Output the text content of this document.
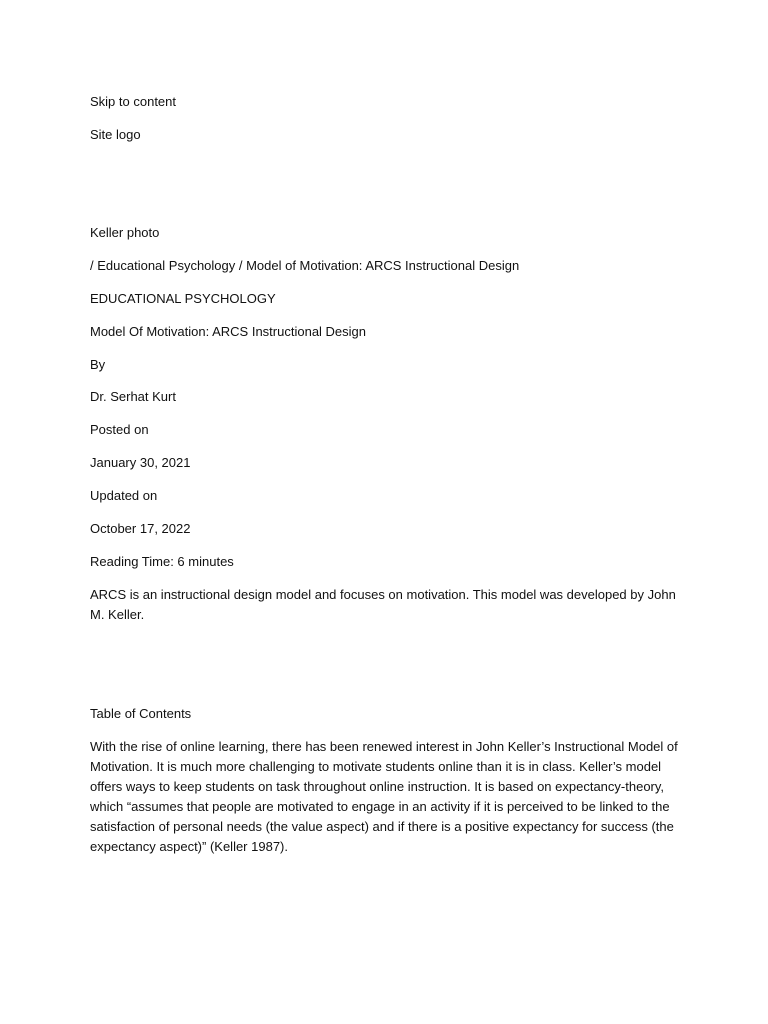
Skip to content

Site logo

Keller photo

/ Educational Psychology / Model of Motivation: ARCS Instructional Design

EDUCATIONAL PSYCHOLOGY

Model Of Motivation: ARCS Instructional Design

By

Dr. Serhat Kurt

Posted on

January 30, 2021

Updated on

October 17, 2022

Reading Time: 6 minutes

ARCS is an instructional design model and focuses on motivation. This model was developed by John M. Keller.

Table of Contents

With the rise of online learning, there has been renewed interest in John Keller’s Instructional Model of Motivation. It is much more challenging to motivate students online than it is in class. Keller’s model offers ways to keep students on task throughout online instruction. It is based on expectancy-theory, which “assumes that people are motivated to engage in an activity if it is perceived to be linked to the satisfaction of personal needs (the value aspect) and if there is a positive expectancy for success (the expectancy aspect)” (Keller 1987).
